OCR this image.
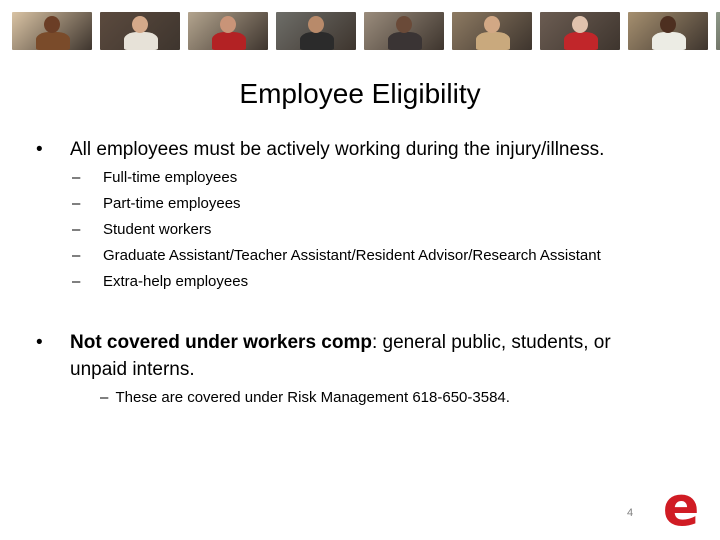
Employee Eligibility
• All employees must be actively working during the injury/illness.
– Full-time employees
– Part-time employees
– Student workers
– Graduate Assistant/Teacher Assistant/Resident Advisor/Research Assistant
– Extra-help employees
• Not covered under workers comp: general public, students, or unpaid interns.
– These are covered under Risk Management 618-650-3584.
4 e
